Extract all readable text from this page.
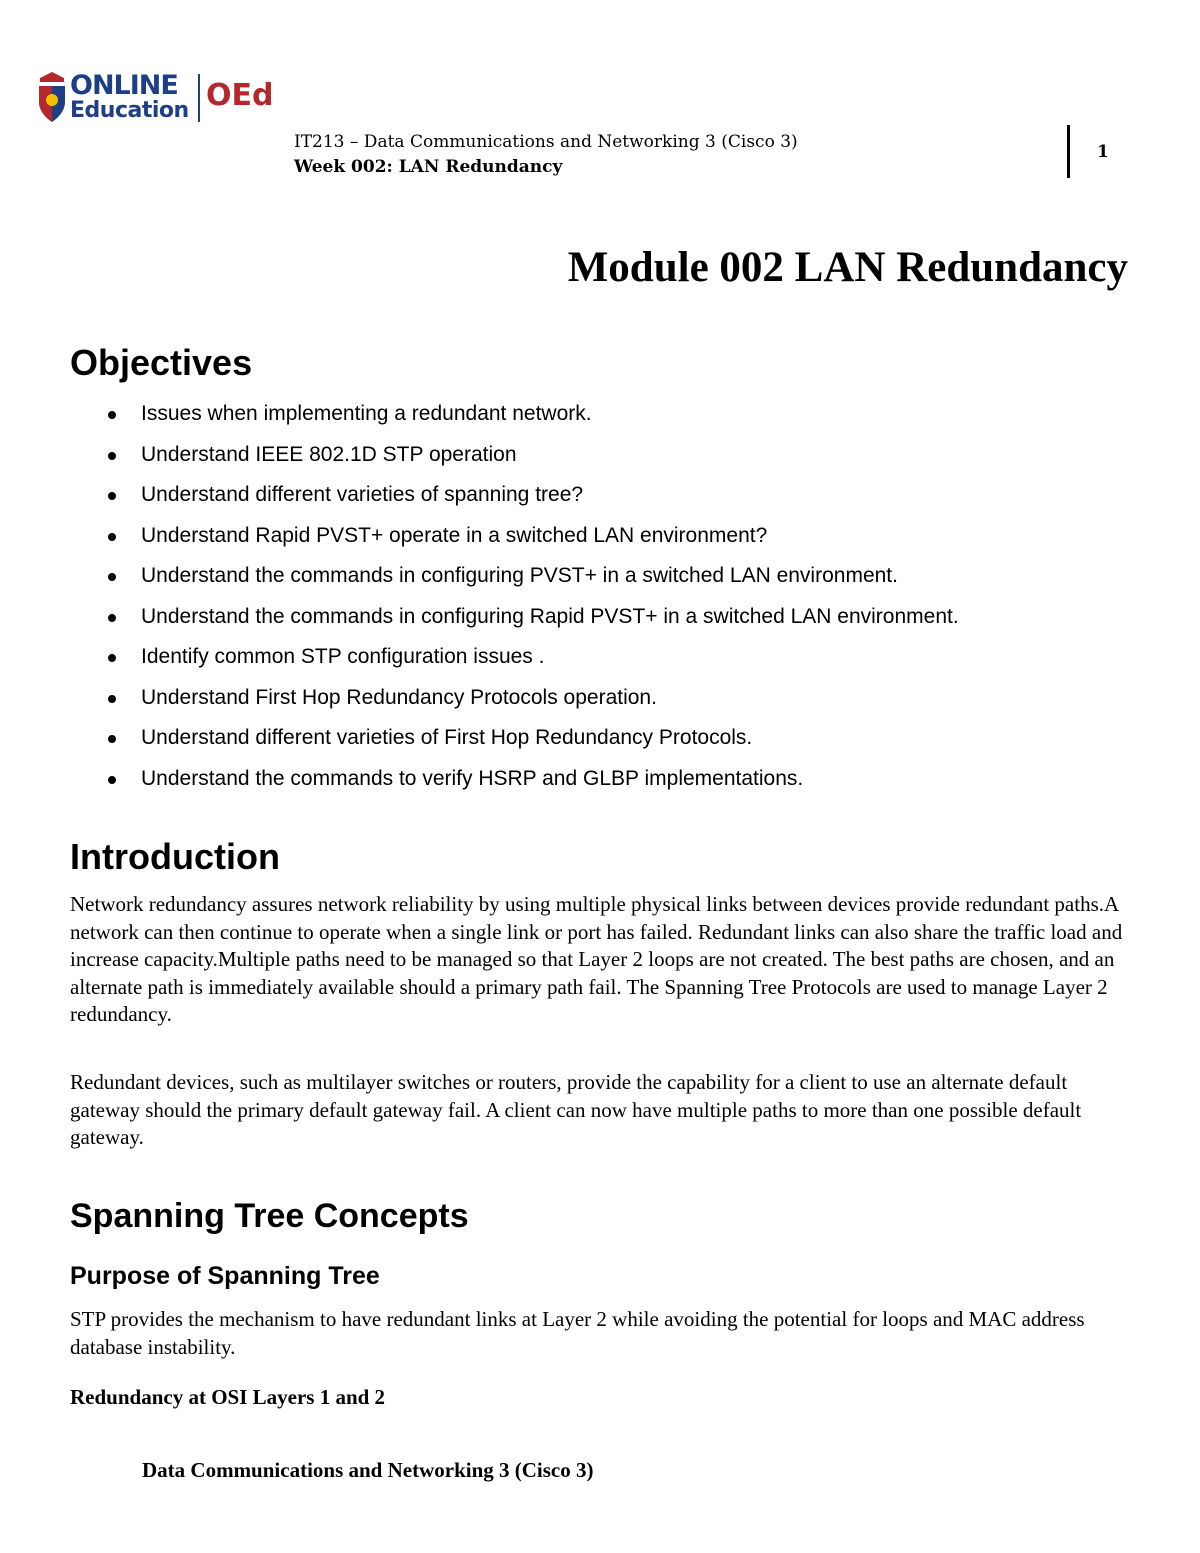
ONLINE
Education OEd
IT213 – Data Communications and Networking 3 (Cisco 3)
Week 002: LAN Redundancy
1
Module 002 LAN Redundancy
Objectives
Issues when implementing a redundant network.
Understand IEEE 802.1D STP operation
Understand different varieties of spanning tree?
Understand Rapid PVST+ operate in a switched LAN environment?
Understand the commands in configuring PVST+ in a switched LAN environment.
Understand the commands in configuring Rapid PVST+ in a switched LAN environment.
Identify common STP configuration issues .
Understand First Hop Redundancy Protocols operation.
Understand different varieties of First Hop Redundancy Protocols.
Understand the commands to verify HSRP and GLBP implementations.
Introduction

Network redundancy assures network reliability by using multiple physical links between devices provide redundant paths.A network can then continue to operate when a single link or port has failed. Redundant links can also share the traffic load and increase capacity.Multiple paths need to be managed so that Layer 2 loops are not created. The best paths are chosen, and an alternate path is immediately available should a primary path fail. The Spanning Tree Protocols are used to manage Layer 2 redundancy.

Redundant devices, such as multilayer switches or routers, provide the capability for a client to use an alternate default gateway should the primary default gateway fail. A client can now have multiple paths to more than one possible default gateway.

Spanning Tree Concepts
Purpose of Spanning Tree

STP provides the mechanism to have redundant links at Layer 2 while avoiding the potential for loops and MAC address database instability.

Redundancy at OSI Layers 1 and 2

Data Communications and Networking 3 (Cisco 3)
